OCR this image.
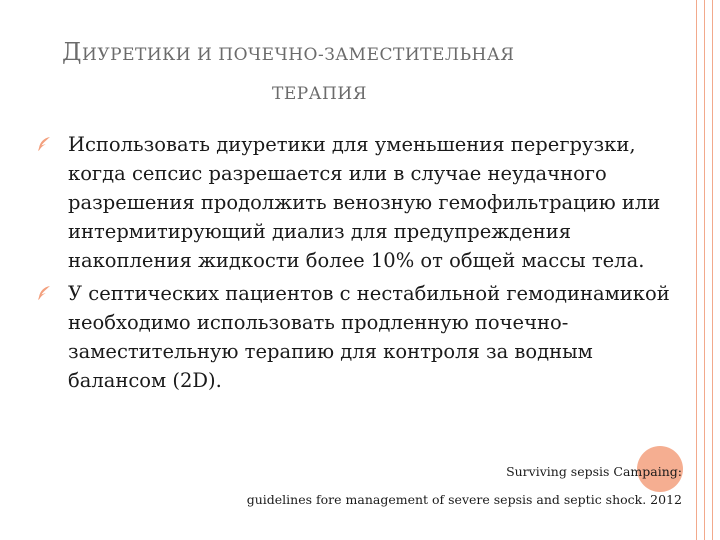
ДИУРЕТИКИ И ПОЧЕЧНО-ЗАМЕСТИТЕЛЬНАЯ
ТЕРАПИЯ
Использовать диуретики для уменьшения перегрузки, когда сепсис разрешается или в случае неудачного разрешения продолжить венозную гемофильтрацию или интермитирующий диализ для предупреждения накопления жидкости более 10% от общей массы тела.
У септических пациентов с нестабильной гемодинамикой необходимо использовать продленную почечно-заместительную терапию для контроля за водным балансом (2D).
Surviving sepsis Campaing:
guidelines fore management of severe sepsis and septic shock. 2012
